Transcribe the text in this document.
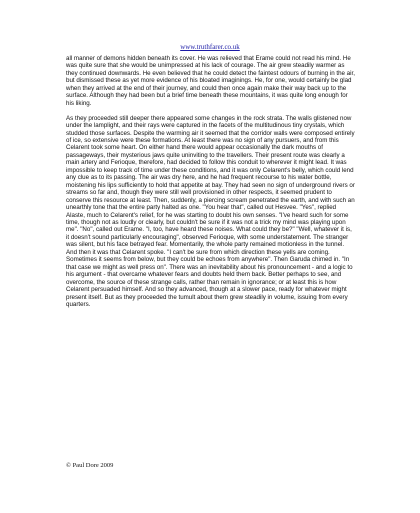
www.truthfarer.co.uk

all manner of demons hidden beneath its cover. He was relieved that Erame could not read his mind. He was quite sure that she would be unimpressed at his lack of courage. The air grew steadily warmer as they continued downwards. He even believed that he could detect the faintest odours of burning in the air, but dismissed these as yet more evidence of his bloated imaginings. He, for one, would certainly be glad when they arrived at the end of their journey, and could then once again make their way back up to the surface. Although they had been but a brief time beneath these mountains, it was quite long enough for his liking.

As they proceeded still deeper there appeared some changes in the rock strata. The walls glistened now under the lamplight, and their rays were captured in the facets of the multitudinous tiny crystals, which studded those surfaces. Despite the warming air it seemed that the corridor walls were composed entirely of ice, so extensive were these formations. At least there was no sign of any pursuers, and from this Celarent took some heart. On either hand there would appear occasionally the dark mouths of passageways, their mysterious jaws quite uninviting to the travellers. Their present route was clearly a main artery and Ferioque, therefore, had decided to follow this conduit to wherever it might lead. It was impossible to keep track of time under these conditions, and it was only Celarent's belly, which could lend any clue as to its passing. The air was dry here, and he had frequent recourse to his water bottle, moistening his lips sufficiently to hold that appetite at bay. They had seen no sign of underground rivers or streams so far and, though they were still well provisioned in other respects, it seemed prudent to conserve this resource at least. Then, suddenly, a piercing scream penetrated the earth, and with such an unearthly tone that the entire party halted as one. "You hear that", called out Hesvee. "Yes", replied Alaste, much to Celarent's relief, for he was starting to doubt his own senses. "I've heard such for some time, though not as loudly or clearly, but couldn't be sure if it was not a trick my mind was playing upon me". "No", called out Erame. "I, too, have heard these noises. What could they be?" "Well, whatever it is, it doesn't sound particularly encouraging", observed Ferioque, with some understatement. The stranger was silent, but his face betrayed fear. Momentarily, the whole party remained motionless in the tunnel. And then it was that Celarent spoke. "I can't be sure from which direction these yells are coming. Sometimes it seems from below, but they could be echoes from anywhere". Then Garuda chimed in. "In that case we might as well press on". There was an inevitability about his pronouncement - and a logic to his argument - that overcame whatever fears and doubts held them back. Better perhaps to see, and overcome, the source of these strange calls, rather than remain in ignorance; or at least this is how Celarent persuaded himself. And so they advanced, though at a slower pace, ready for whatever might present itself. But as they proceeded the tumult about them grew steadily in volume, issuing from every quarters.

© Paul Dore 2009
